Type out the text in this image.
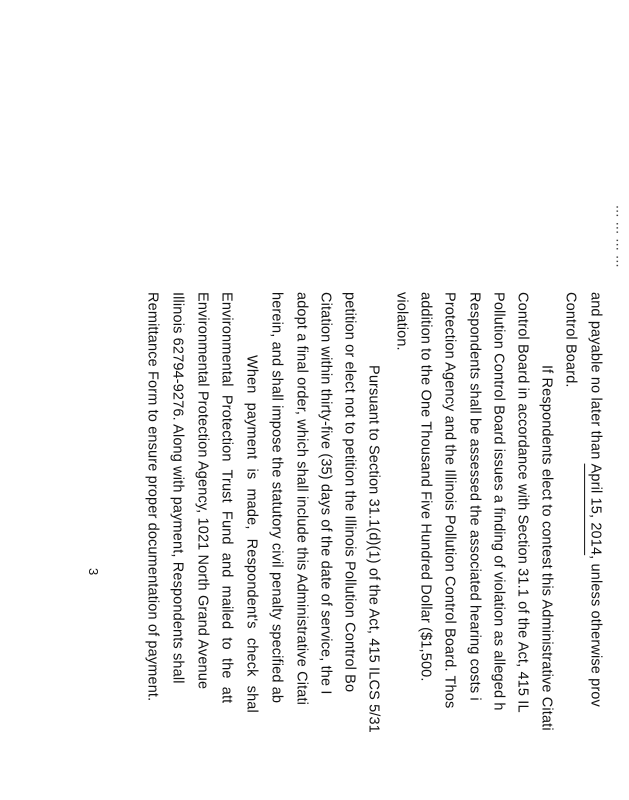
... ... ... ...
and payable no later than April 15, 2014, unless otherwise prov
Control Board.
If Respondents elect to contest this Administrative Citati
Control Board in accordance with Section 31.1 of the Act, 415 IL
Pollution Control Board issues a finding of violation as alleged h
Respondents shall be assessed the associated hearing costs i
Protection Agency and the Illinois Pollution Control Board. Thos
addition to the One Thousand Five Hundred Dollar ($1,500.
violation.
Pursuant to Section 31.1(d)(1) of the Act, 415 ILCS 5/31
petition or elect not to petition the Illinois Pollution Control Bo
Citation within thirty-five (35) days of the date of service, the I
adopt a final order, which shall include this Administrative Citati
herein, and shall impose the statutory civil penalty specified ab
When payment is made, Respondent's check shal
Environmental Protection Trust Fund and mailed to the att
Environmental Protection Agency, 1021 North Grand Avenue
Illinois 62794-9276. Along with payment, Respondents shall
Remittance Form to ensure proper documentation of payment.
3
